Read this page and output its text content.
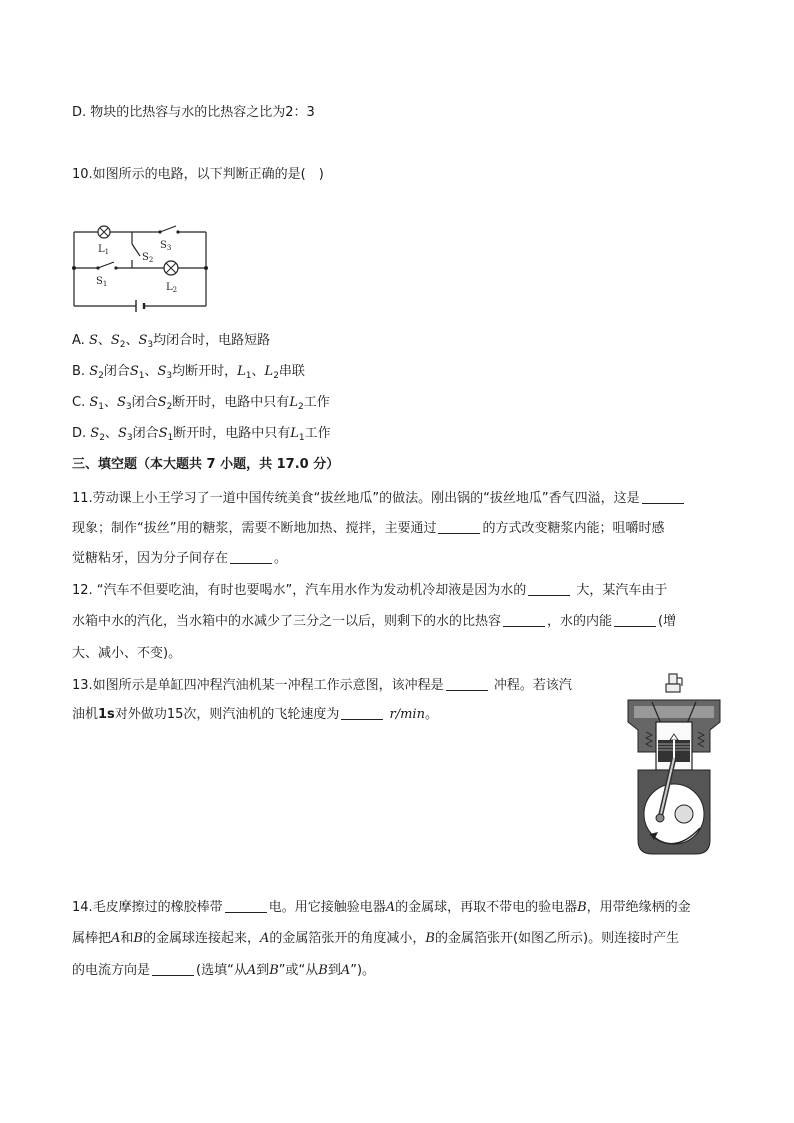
D. 物块的比热容与水的比热容之比为2：3
10.如图所示的电路，以下判断正确的是(　)
$L_1$	$S_2$
$S_3$
$S_1$	$L_2$
A. S、$S_2$、$S_3$均闭合时，电路短路
B. $S_2$闭合$S_1$、$S_3$均断开时，$L_1$、$L_2$串联
C. $S_1$、$S_3$闭合$S_2$断开时，电路中只有$L_2$工作
D. $S_2$、$S_3$闭合$S_1$断开时，电路中只有$L_1$工作
三、填空题（本大题共 7 小题，共 17.0 分）
11.劳动课上小王学习了一道中国传统美食“拔丝地瓜”的做法。刚出锅的“拔丝地瓜”香气四溢，这是
现象；制作“拔丝”用的糖浆，需要不断地加热、搅拌，主要通过	的方式改变糖浆内能；咀嚼时感
觉糖粘牙，因为分子间存在	。
12. “汽车不但要吃油，有时也要喝水”，汽车用水作为发动机冷却液是因为水的	大，某汽车由于
水箱中水的汽化，当水箱中的水减少了三分之一以后，则剩下的水的比热容	，水的内能	(增
大、减小、不变)。
13.如图所示是单缸四冲程汽油机某一冲程工作示意图，该冲程是	冲程。若该汽
油机1s对外做功15次，则汽油机的飞轮速度为	r/min。
14.毛皮摩擦过的橡胶棒带	电。用它接触验电器A的金属球，再取不带电的验电器B，用带绝缘柄的金
属棒把A和B的金属球连接起来，A的金属箔张开的角度减小，B的金属箔张开(如图乙所示)。则连接时产生
的电流方向是	(选填“从A到B”或“从B到A”)。
